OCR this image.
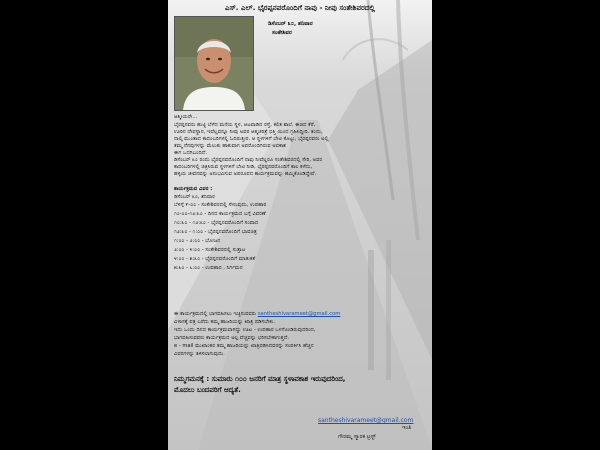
ಎಸ್. ಎಲ್. ಭೈರಪ್ಪನವರೊಂದಿಗೆ ನಾವು - ನೀವು ಸಂತೇಶಿವರದಲ್ಲಿ
ಡಿಸೆಂಬರ್ ೩೦, ಶನಿವಾರ
ಸಂತೇಶಿವರ
ಆತ್ಮೀಯರೇ...
ಭೈರಪ್ಪನವರು ಹುಟ್ಟಿ ಬೆಳೆದ ಮನೆಯ ಸ್ಥಳ, ಆಟವಾಡಿದ ರಸ್ತೆ, ಕಲಿತ ಶಾಲೆ, ಈಜಿದ ಕೆರೆ,
ಊರಿನ ದೇವಸ್ಥಾನ, ಇವೆಲ್ಲವನ್ನೂ ನೀವು ಅವರ ಆತ್ಮಚರಿತ್ರೆ ಭಿತ್ತಿ ಯಿಂದ ಗ್ರಹಿಸಿದ್ದೀರಿ. ತಂದು,
ನಾಲ್ಕಿ ಮುಂತಾದ ಕಾದಂಬರಿಗಳಲ್ಲಿ ಓದಿರುತ್ತೀರ. ಆ ಸ್ಥಳಗಳಿಗೆ ಬೇಟಿ ಕೊಟ್ಟು, ಭೈರಪ್ಪನವರು ಅಲ್ಲಿ
ತಮ್ಮ ನೆನಪುಗಳನ್ನು ಮೆಲುಕು ಹಾಕುವಾಗ ಅವರೊಂದಿಗಿರುವ ಅವಕಾಶ
ಈಗ ಒದಗಿಬಂದಿದೆ.
ಡಿಸೆಂಬರ್ ೩೦ ರಂದು ಭೈರಪ್ಪನವರೊಂದಿಗೆ ನಾವು ನೀವೆಲ್ಲರೂ ಸಂತೇಶಿವರದಲ್ಲಿ ಸೇರಿ, ಅವರ
ಕಾದಂಬರಿಗಳಲ್ಲಿ ಚಿತ್ರಿಸಿರುವ ಸ್ಥಳಗಳಿಗೆ ಬೇಟಿ ನೀಡಿ, ಭೈರಪ್ಪನವರೊಂದಿಗೆ ಕಾಲ ಕಳೆದು,
ಹಳ್ಳಿಯ ಜೀವನವನ್ನು ಅನುಭವಿಸುವ ಅಪರೂಪದ ಕಾರ್ಯಕ್ರಮವನ್ನು ಹಮ್ಮಿಕೊಂಡಿದ್ದೇವೆ.
ಕಾರ್ಯಕ್ರಮದ ವಿವರ :
ಡಿಸೆಂಬರ್ ೩೦, ಶನಿವಾರ
ಬೆಳಿಗ್ಗೆ ೯-೦೦ - ಸಂತೇಶಿವರದಲ್ಲಿ ಸೇರುವುದು, ಉಪಹಾರ
೧೦-೦೦-೧೨:೩೦ - ದಿನದ ಕಾರ್ಯಕ್ರಮದ ಬಗ್ಗೆ ವಿವರಣೆ
೧೦:೩೦ - ೧೨:೩೦ - ಭೈರಪ್ಪನವರೊಂದಿಗೆ ಸಂವಾದ
೧೨:೩೦ - ೧:೦೦ - ಭೈರಪ್ಪನವರೊಂದಿಗೆ ಭಾವಚಿತ್ರ
೧:೦೦ - ೨:೦೦ - ಭೋಜನ
೨:೦೦ - ೪:೦೦ - ಸಂತೇಶಿವರದಲ್ಲಿ ಸುತ್ತಾಟ
೪:೦೦ - ೫:೩೦ - ಭೈರಪ್ಪನವರೊಂದಿಗೆ ಮಾತುಕತೆ
೫:೩೦ - ೬:೦೦ - ಉಪಹಾರ , ನಿರ್ಗಮನ
ಈ ಕಾರ್ಯಕ್ರಮದಲ್ಲಿ ಭಾಗವಹಿಸಲು ಇಚ್ಛಿಸುವವರು santheshivarameet@gmail.com
ವಿಳಾಸಕ್ಕೆ ಪತ್ರ ಬರೆದು ತಮ್ಮ ಹಾಜರಿಯನ್ನು ಖಾತ್ರಿ ಪಡಿಸಬೇಕು.
ಇದು ಒಂದು ದಿನದ ಕಾರ್ಯಕ್ರಮವಾಗಿದ್ದು ಊಟ - ಉಪಹಾರ ಒಳಗೊಂಡಿರುವುದರಿಂದ,
ಭಾಗವಹಿಸುವವರು ಕಾರ್ಯಕ್ರಮದ ಅಲ್ಪ ವೆಚ್ಚವನ್ನು ಭರಿಸಬೇಕಾಗುತ್ತದೆ.
e - mail ಮುಖಾಂತರ ತಮ್ಮ ಹಾಜರಿಯನ್ನು ಖಾತ್ರಿಪಡಿಸಿದವರನ್ನು ಸಂಪರ್ಕಿಸಿ ಹೆಚ್ಚಿನ
ವಿವರಗಳನ್ನು ತಿಳಿಸಲಾಗುವುದು.
ನಿಮ್ಮಗಮನಕ್ಕೆ : ಸುಮಾರು ೧೦೦ ಜನರಿಗೆ ಮಾತ್ರ ಸ್ಥಳಾವಕಾಶ ಇರುವುದರಿಂದ,
ಮೊದಲು ಬಂದವರಿಗೆ ಆದ್ಯತೆ.
santheshivarameet@gmail.com
ಇಂತಿ
ಗೌರಮ್ಮ ಸ್ಮಾರಕ ಟ್ರಸ್ಟ್
